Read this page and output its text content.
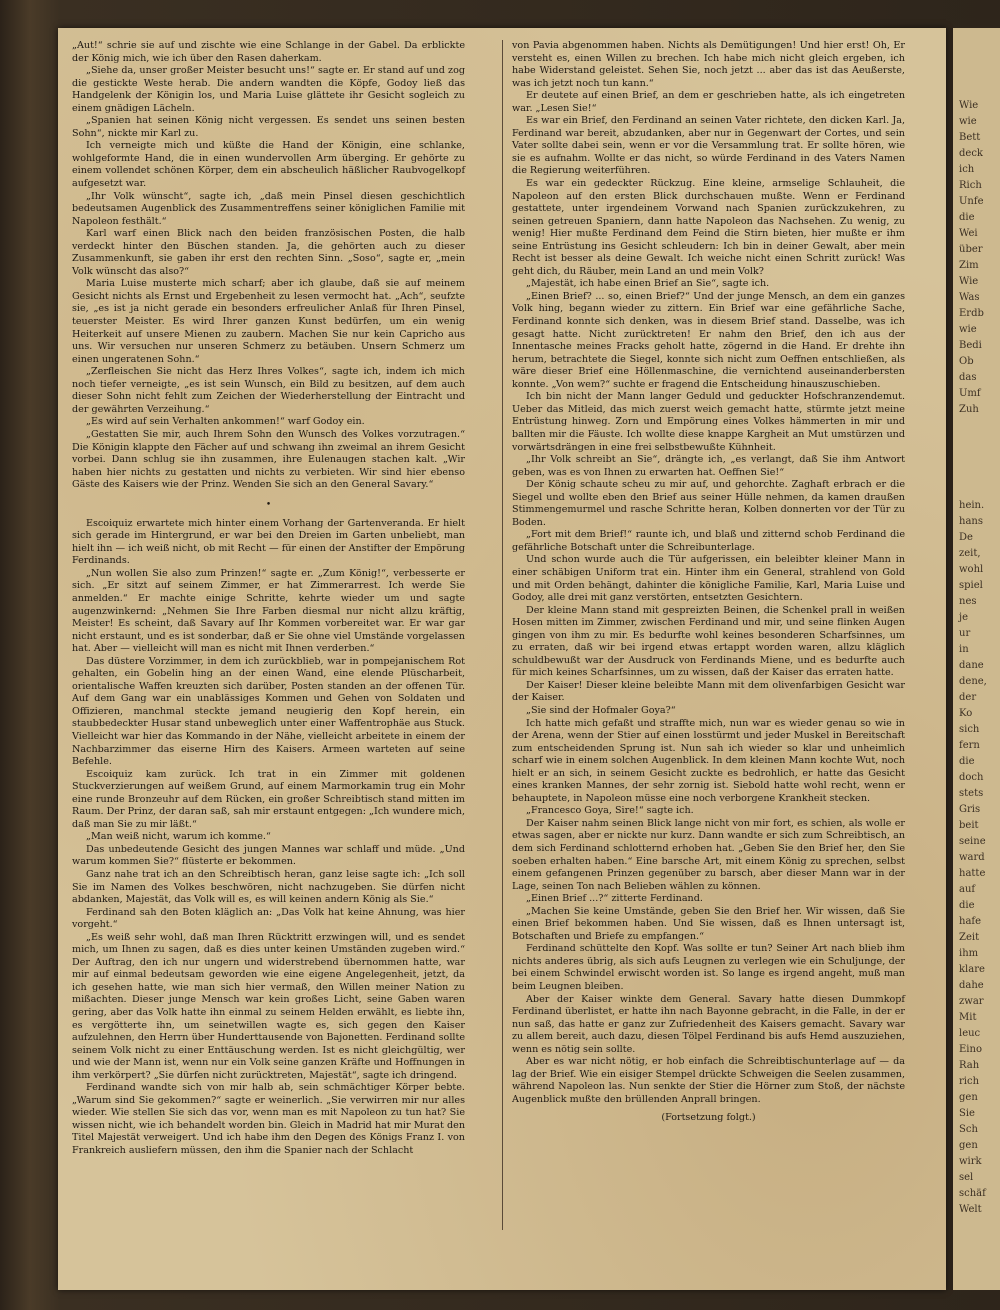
Wie
wie
Bett
deck
ich
Rich
Unfe
die
Wei
über
Zim
Wie
Was
Erdb
wie
Bedi
Ob
das
Umf
Zuh
hein.
hans
De
zeit,
wohl
spiel
nes
je
ur
in
dane
dene,
der
Ko
sich
fern
die
doch
stets
Gris
beit
seine
ward
hatte
auf
die
hafe
Zeit
ihm
klare
dahe
zwar
Mit
leuc
Eino
Rah
rich
gen
Sie
Sch
gen
wirk
sel
schäf
Welt

„Aut!“ schrie sie auf und zischte wie eine Schlange in der Gabel. Da erblickte der König mich, wie ich über den Rasen daherkam.

„Siehe da, unser großer Meister besucht uns!“ sagte er. Er stand auf und zog die gestickte Weste herab. Die andern wandten die Köpfe, Godoy ließ das Handgelenk der Königin los, und Maria Luise glättete ihr Gesicht sogleich zu einem gnädigen Lächeln.

„Spanien hat seinen König nicht vergessen. Es sendet uns seinen besten Sohn“, nickte mir Karl zu.

Ich verneigte mich und küßte die Hand der Königin, eine schlanke, wohlgeformte Hand, die in einen wundervollen Arm überging. Er gehörte zu einem vollendet schönen Körper, dem ein abscheulich häßlicher Raubvogelkopf aufgesetzt war.

„Ihr Volk wünscht“, sagte ich, „daß mein Pinsel diesen geschichtlich bedeutsamen Augenblick des Zusammentreffens seiner königlichen Familie mit Napoleon festhält.“

Karl warf einen Blick nach den beiden französischen Posten, die halb verdeckt hinter den Büschen standen. Ja, die gehörten auch zu dieser Zusammenkunft, sie gaben ihr erst den rechten Sinn. „Soso“, sagte er, „mein Volk wünscht das also?“

Maria Luise musterte mich scharf; aber ich glaube, daß sie auf meinem Gesicht nichts als Ernst und Ergebenheit zu lesen vermocht hat. „Ach“, seufzte sie, „es ist ja nicht gerade ein besonders erfreulicher Anlaß für Ihren Pinsel, teuerster Meister. Es wird Ihrer ganzen Kunst bedürfen, um ein wenig Heiterkeit auf unsere Mienen zu zaubern. Machen Sie nur kein Capricho aus uns. Wir versuchen nur unseren Schmerz zu betäuben. Unsern Schmerz um einen ungeratenen Sohn.“

„Zerfleischen Sie nicht das Herz Ihres Volkes“, sagte ich, indem ich mich noch tiefer verneigte, „es ist sein Wunsch, ein Bild zu besitzen, auf dem auch dieser Sohn nicht fehlt zum Zeichen der Wiederherstellung der Eintracht und der gewährten Verzeihung.“

„Es wird auf sein Verhalten ankommen!“ warf Godoy ein.

„Gestatten Sie mir, auch Ihrem Sohn den Wunsch des Volkes vorzutragen.“ Die Königin klappte den Fächer auf und schwang ihn zweimal an ihrem Gesicht vorbei. Dann schlug sie ihn zusammen, ihre Eulenaugen stachen kalt. „Wir haben hier nichts zu gestatten und nichts zu verbieten. Wir sind hier ebenso Gäste des Kaisers wie der Prinz. Wenden Sie sich an den General Savary.“

•

Escoiquiz erwartete mich hinter einem Vorhang der Gartenveranda. Er hielt sich gerade im Hintergrund, er war bei den Dreien im Garten unbeliebt, man hielt ihn — ich weiß nicht, ob mit Recht — für einen der Anstifter der Empörung Ferdinands.

„Nun wollen Sie also zum Prinzen!“ sagte er. „Zum König!“, verbesserte er sich. „Er sitzt auf seinem Zimmer, er hat Zimmerarrest. Ich werde Sie anmelden.“ Er machte einige Schritte, kehrte wieder um und sagte augenzwinkernd: „Nehmen Sie Ihre Farben diesmal nur nicht allzu kräftig, Meister! Es scheint, daß Savary auf Ihr Kommen vorbereitet war. Er war gar nicht erstaunt, und es ist sonderbar, daß er Sie ohne viel Umstände vorgelassen hat. Aber — vielleicht will man es nicht mit Ihnen verderben.“

Das düstere Vorzimmer, in dem ich zurückblieb, war in pompejanischem Rot gehalten, ein Gobelin hing an der einen Wand, eine elende Plüscharbeit, orientalische Waffen kreuzten sich darüber, Posten standen an der offenen Tür. Auf dem Gang war ein unablässiges Kommen und Gehen von Soldaten und Offizieren, manchmal steckte jemand neugierig den Kopf herein, ein staubbedeckter Husar stand unbeweglich unter einer Waffentrophäe aus Stuck. Vielleicht war hier das Kommando in der Nähe, vielleicht arbeitete in einem der Nachbarzimmer das eiserne Hirn des Kaisers. Armeen warteten auf seine Befehle.

Escoiquiz kam zurück. Ich trat in ein Zimmer mit goldenen Stuckverzierungen auf weißem Grund, auf einem Marmorkamin trug ein Mohr eine runde Bronzeuhr auf dem Rücken, ein großer Schreibtisch stand mitten im Raum. Der Prinz, der daran saß, sah mir erstaunt entgegen: „Ich wundere mich, daß man Sie zu mir läßt.“

„Man weiß nicht, warum ich komme.“

Das unbedeutende Gesicht des jungen Mannes war schlaff und müde. „Und warum kommen Sie?“ flüsterte er bekommen.

Ganz nahe trat ich an den Schreibtisch heran, ganz leise sagte ich: „Ich soll Sie im Namen des Volkes beschwören, nicht nachzugeben. Sie dürfen nicht abdanken, Majestät, das Volk will es, es will keinen andern König als Sie.“

Ferdinand sah den Boten kläglich an: „Das Volk hat keine Ahnung, was hier vorgeht.“

„Es weiß sehr wohl, daß man Ihren Rücktritt erzwingen will, und es sendet mich, um Ihnen zu sagen, daß es dies unter keinen Umständen zugeben wird.“ Der Auftrag, den ich nur ungern und widerstrebend übernommen hatte, war mir auf einmal bedeutsam geworden wie eine eigene Angelegenheit, jetzt, da ich gesehen hatte, wie man sich hier vermaß, den Willen meiner Nation zu mißachten. Dieser junge Mensch war kein großes Licht, seine Gaben waren gering, aber das Volk hatte ihn einmal zu seinem Helden erwählt, es liebte ihn, es vergötterte ihn, um seinetwillen wagte es, sich gegen den Kaiser aufzulehnen, den Herrn über Hunderttausende von Bajonetten. Ferdinand sollte seinem Volk nicht zu einer Enttäuschung werden. Ist es nicht gleichgültig, wer und wie der Mann ist, wenn nur ein Volk seine ganzen Kräfte und Hoffnungen in ihm verkörpert? „Sie dürfen nicht zurücktreten, Majestät“, sagte ich dringend.

Ferdinand wandte sich von mir halb ab, sein schmächtiger Körper bebte. „Warum sind Sie gekommen?“ sagte er weinerlich. „Sie verwirren mir nur alles wieder. Wie stellen Sie sich das vor, wenn man es mit Napoleon zu tun hat? Sie wissen nicht, wie ich behandelt worden bin. Gleich in Madrid hat mir Murat den Titel Majestät verweigert. Und ich habe ihm den Degen des Königs Franz I. von Frankreich ausliefern müssen, den ihm die Spanier nach der Schlacht

von Pavia abgenommen haben. Nichts als Demütigungen! Und hier erst! Oh, Er versteht es, einen Willen zu brechen. Ich habe mich nicht gleich ergeben, ich habe Widerstand geleistet. Sehen Sie, noch jetzt ... aber das ist das Aeußerste, was ich jetzt noch tun kann.“

Er deutete auf einen Brief, an dem er geschrieben hatte, als ich eingetreten war. „Lesen Sie!“

Es war ein Brief, den Ferdinand an seinen Vater richtete, den dicken Karl. Ja, Ferdinand war bereit, abzudanken, aber nur in Gegenwart der Cortes, und sein Vater sollte dabei sein, wenn er vor die Versammlung trat. Er sollte hören, wie sie es aufnahm. Wollte er das nicht, so würde Ferdinand in des Vaters Namen die Regierung weiterführen.

Es war ein gedeckter Rückzug. Eine kleine, armselige Schlauheit, die Napoleon auf den ersten Blick durchschauen mußte. Wenn er Ferdinand gestattete, unter irgendeinem Vorwand nach Spanien zurückzukehren, zu seinen getreuen Spaniern, dann hatte Napoleon das Nachsehen. Zu wenig, zu wenig! Hier mußte Ferdinand dem Feind die Stirn bieten, hier mußte er ihm seine Entrüstung ins Gesicht schleudern: Ich bin in deiner Gewalt, aber mein Recht ist besser als deine Gewalt. Ich weiche nicht einen Schritt zurück! Was geht dich, du Räuber, mein Land an und mein Volk?

„Majestät, ich habe einen Brief an Sie“, sagte ich.

„Einen Brief? ... so, einen Brief?“ Und der junge Mensch, an dem ein ganzes Volk hing, begann wieder zu zittern. Ein Brief war eine gefährliche Sache, Ferdinand konnte sich denken, was in diesem Brief stand. Dasselbe, was ich gesagt hatte. Nicht zurücktreten! Er nahm den Brief, den ich aus der Innentasche meines Fracks geholt hatte, zögernd in die Hand. Er drehte ihn herum, betrachtete die Siegel, konnte sich nicht zum Oeffnen entschließen, als wäre dieser Brief eine Höllenmaschine, die vernichtend auseinanderbersten konnte. „Von wem?“ suchte er fragend die Entscheidung hinauszuschieben.

Ich bin nicht der Mann langer Geduld und geduckter Hofschranzendemut. Ueber das Mitleid, das mich zuerst weich gemacht hatte, stürmte jetzt meine Entrüstung hinweg. Zorn und Empörung eines Volkes hämmerten in mir und ballten mir die Fäuste. Ich wollte diese knappe Kargheit an Mut umstürzen und vorwärtsdrängen in eine frei selbstbewußte Kühnheit.

„Ihr Volk schreibt an Sie“, drängte ich, „es verlangt, daß Sie ihm Antwort geben, was es von Ihnen zu erwarten hat. Oeffnen Sie!“

Der König schaute scheu zu mir auf, und gehorchte. Zaghaft erbrach er die Siegel und wollte eben den Brief aus seiner Hülle nehmen, da kamen draußen Stimmengemurmel und rasche Schritte heran, Kolben donnerten vor der Tür zu Boden.

„Fort mit dem Brief!“ raunte ich, und blaß und zitternd schob Ferdinand die gefährliche Botschaft unter die Schreibunterlage.

Und schon wurde auch die Tür aufgerissen, ein beleibter kleiner Mann in einer schäbigen Uniform trat ein. Hinter ihm ein General, strahlend von Gold und mit Orden behängt, dahinter die königliche Familie, Karl, Maria Luise und Godoy, alle drei mit ganz verstörten, entsetzten Gesichtern.

Der kleine Mann stand mit gespreizten Beinen, die Schenkel prall in weißen Hosen mitten im Zimmer, zwischen Ferdinand und mir, und seine flinken Augen gingen von ihm zu mir. Es bedurfte wohl keines besonderen Scharfsinnes, um zu erraten, daß wir bei irgend etwas ertappt worden waren, allzu kläglich schuldbewußt war der Ausdruck von Ferdinands Miene, und es bedurfte auch für mich keines Scharfsinnes, um zu wissen, daß der Kaiser das erraten hatte.

Der Kaiser! Dieser kleine beleibte Mann mit dem olivenfarbigen Gesicht war der Kaiser.

„Sie sind der Hofmaler Goya?“

Ich hatte mich gefaßt und straffte mich, nun war es wieder genau so wie in der Arena, wenn der Stier auf einen losstürmt und jeder Muskel in Bereitschaft zum entscheidenden Sprung ist. Nun sah ich wieder so klar und unheimlich scharf wie in einem solchen Augenblick. In dem kleinen Mann kochte Wut, noch hielt er an sich, in seinem Gesicht zuckte es bedrohlich, er hatte das Gesicht eines kranken Mannes, der sehr zornig ist. Siebold hatte wohl recht, wenn er behauptete, in Napoleon müsse eine noch verborgene Krankheit stecken.

„Francesco Goya, Sire!“ sagte ich.

Der Kaiser nahm seinen Blick lange nicht von mir fort, es schien, als wolle er etwas sagen, aber er nickte nur kurz. Dann wandte er sich zum Schreibtisch, an dem sich Ferdinand schlotternd erhoben hat. „Geben Sie den Brief her, den Sie soeben erhalten haben.“ Eine barsche Art, mit einem König zu sprechen, selbst einem gefangenen Prinzen gegenüber zu barsch, aber dieser Mann war in der Lage, seinen Ton nach Belieben wählen zu können.

„Einen Brief ...?“ zitterte Ferdinand.

„Machen Sie keine Umstände, geben Sie den Brief her. Wir wissen, daß Sie einen Brief bekommen haben. Und Sie wissen, daß es Ihnen untersagt ist, Botschaften und Briefe zu empfangen.“

Ferdinand schüttelte den Kopf. Was sollte er tun? Seiner Art nach blieb ihm nichts anderes übrig, als sich aufs Leugnen zu verlegen wie ein Schuljunge, der bei einem Schwindel erwischt worden ist. So lange es irgend angeht, muß man beim Leugnen bleiben.

Aber der Kaiser winkte dem General. Savary hatte diesen Dummkopf Ferdinand überlistet, er hatte ihn nach Bayonne gebracht, in die Falle, in der er nun saß, das hatte er ganz zur Zufriedenheit des Kaisers gemacht. Savary war zu allem bereit, auch dazu, diesen Tölpel Ferdinand bis aufs Hemd auszuziehen, wenn es nötig sein sollte.

Aber es war nicht nötig, er hob einfach die Schreibtischunterlage auf — da lag der Brief. Wie ein eisiger Stempel drückte Schweigen die Seelen zusammen, während Napoleon las. Nun senkte der Stier die Hörner zum Stoß, der nächste Augenblick mußte den brüllenden Anprall bringen.

(Fortsetzung folgt.)
